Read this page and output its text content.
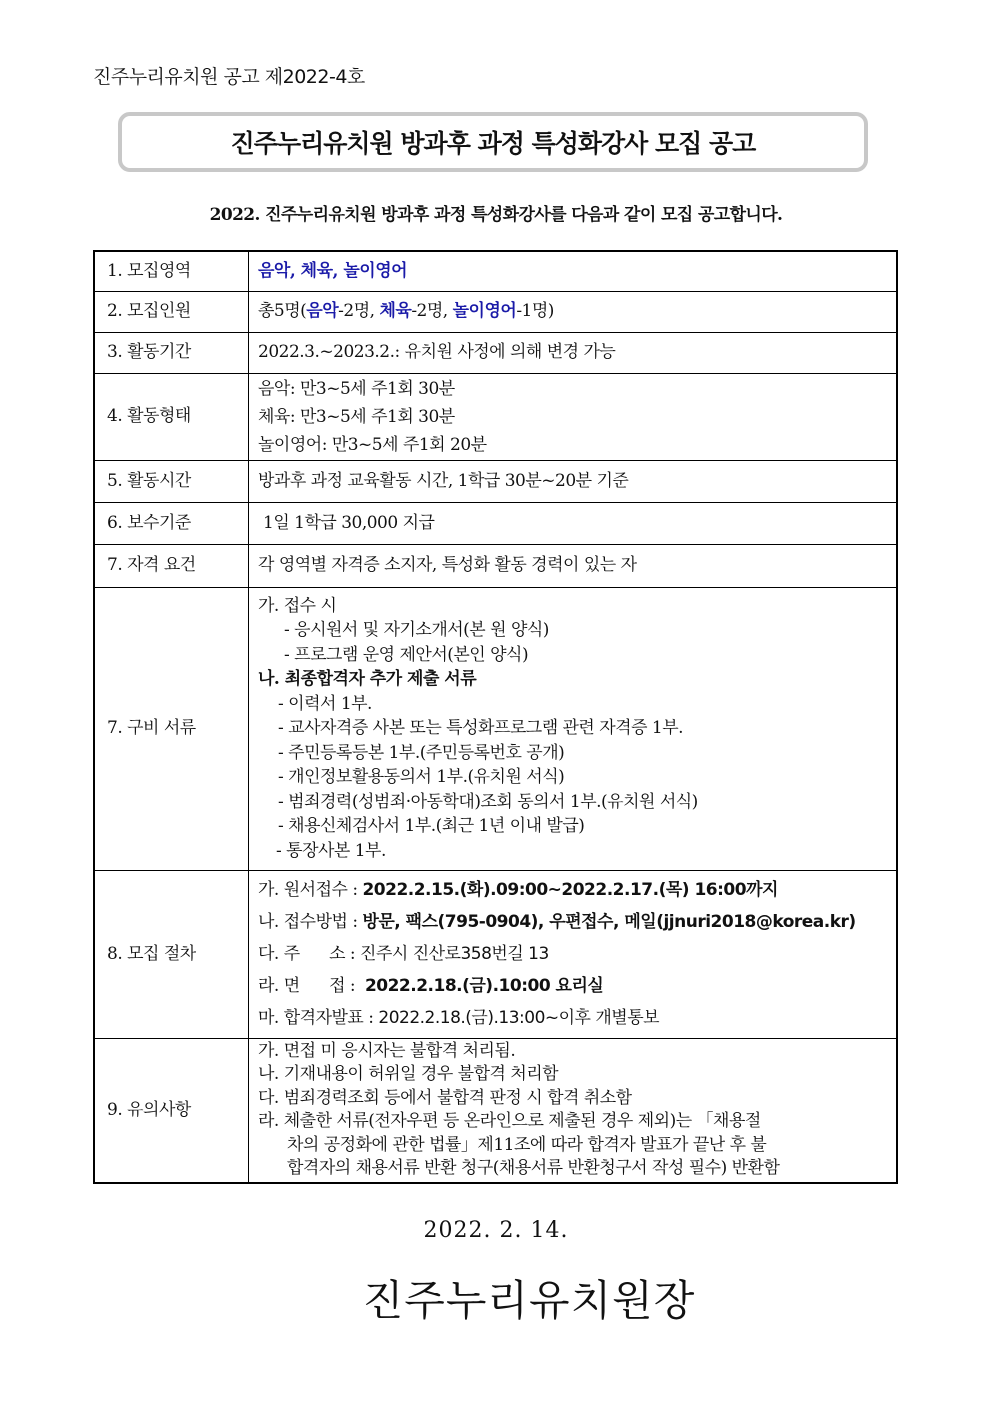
진주누리유치원 공고 제2022-4호
진주누리유치원 방과후 과정 특성화강사 모집 공고
2022. 진주누리유치원 방과후 과정 특성화강사를 다음과 같이 모집 공고합니다.
1. 모집영역	음악, 체육, 놀이영어
2. 모집인원	총5명(음악-2명, 체육-2명, 놀이영어-1명)
3. 활동기간	2022.3.~2023.2.: 유치원 사정에 의해 변경 가능
4. 활동형태	음악: 만3~5세 주1회 30분
체육: 만3~5세 주1회 30분
놀이영어: 만3~5세 주1회 20분

5. 활동시간	방과후 과정 교육활동 시간, 1학급 30분~20분 기준
6. 보수기준	1일 1학급 30,000 지급
7. 자격 요건	각 영역별 자격증 소지자, 특성화 활동 경력이 있는 자
7. 구비 서류	
가. 접수 시
- 응시원서 및 자기소개서(본 원 양식)
- 프로그램 운영 제안서(본인 양식)
나. 최종합격자 추가 제출 서류
- 이력서 1부.
- 교사자격증 사본 또는 특성화프로그램 관련 자격증 1부.
- 주민등록등본 1부.(주민등록번호 공개)
- 개인정보활용동의서 1부.(유치원 서식)
- 범죄경력(성범죄·아동학대)조회 동의서 1부.(유치원 서식)
- 채용신체검사서 1부.(최근 1년 이내 발급)
- 통장사본 1부.

8. 모집 절차	가. 원서접수 : 2022.2.15.(화).09:00~2022.2.17.(목) 16:00까지
나. 접수방법 : 방문, 팩스(795-0904), 우편접수, 메일(jjnuri2018@korea.kr)
다. 주      소 : 진주시 진산로358번길 13
라. 면      접 :  2022.2.18.(금).10:00 요리실
마. 합격자발표 : 2022.2.18.(금).13:00~이후 개별통보

9. 유의사항	
가. 면접 미 응시자는 불합격 처리됨.
나. 기재내용이 허위일 경우 불합격 처리함
다. 범죄경력조회 등에서 불합격 판정 시 합격 취소함
라. 체출한 서류(전자우편 등 온라인으로 제출된 경우 제외)는 「채용절
차의 공정화에 관한 법률」제11조에 따라 합격자 발표가 끝난 후 불
합격자의 채용서류 반환 청구(채용서류 반환청구서 작성 필수) 반환함
2022. 2. 14.
진주누리유치원장
